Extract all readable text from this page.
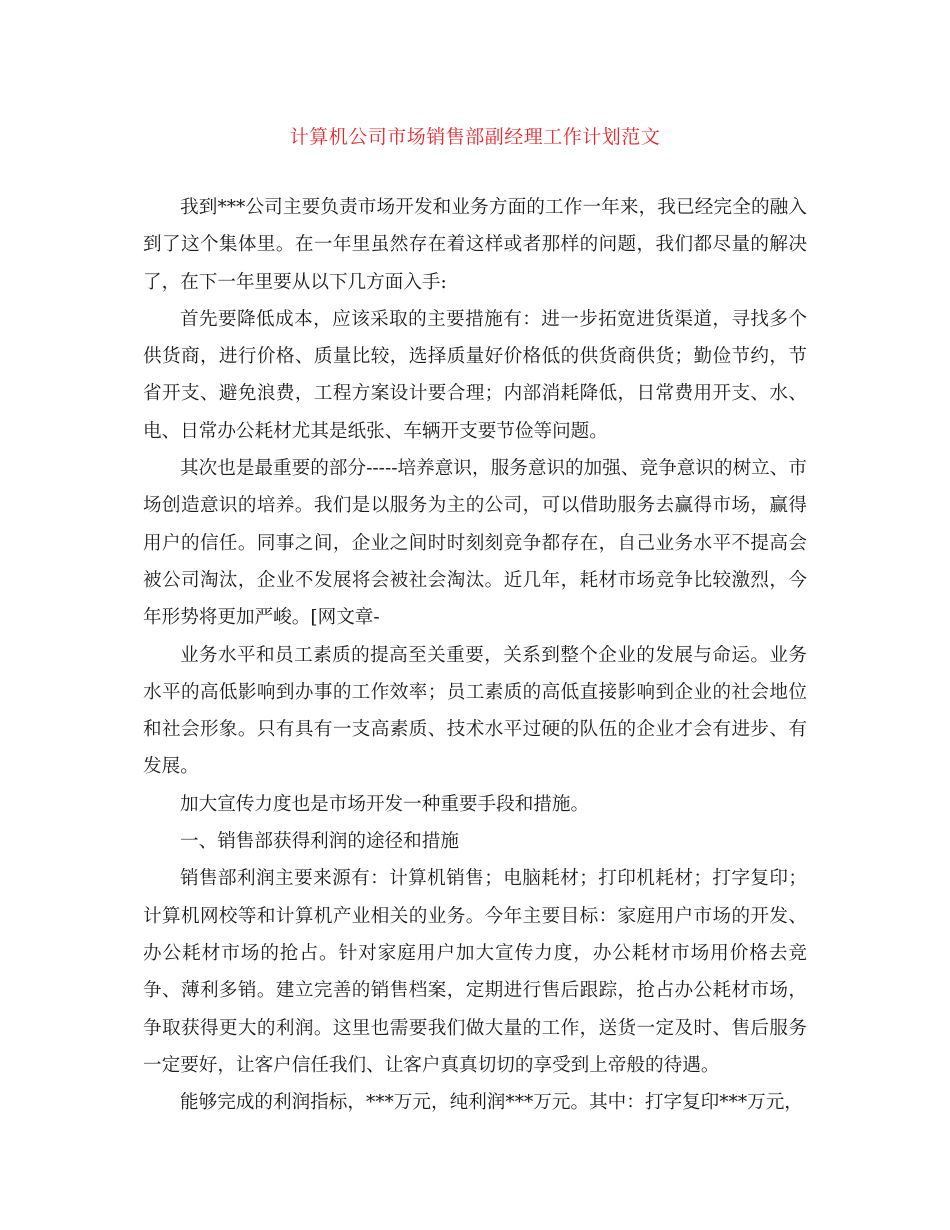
计算机公司市场销售部副经理工作计划范文

我到***公司主要负责市场开发和业务方面的工作一年来，我已经完全的融入到了这个集体里。在一年里虽然存在着这样或者那样的问题，我们都尽量的解决了，在下一年里要从以下几方面入手:

首先要降低成本，应该采取的主要措施有：进一步拓宽进货渠道，寻找多个供货商，进行价格、质量比较，选择质量好价格低的供货商供货；勤俭节约，节省开支、避免浪费，工程方案设计要合理；内部消耗降低，日常费用开支、水、电、日常办公耗材尤其是纸张、车辆开支要节俭等问题。

其次也是最重要的部分-----培养意识，服务意识的加强、竞争意识的树立、市场创造意识的培养。我们是以服务为主的公司，可以借助服务去赢得市场，赢得用户的信任。同事之间，企业之间时时刻刻竞争都存在，自己业务水平不提高会被公司淘汰，企业不发展将会被社会淘汰。近几年，耗材市场竞争比较激烈，今年形势将更加严峻。[网文章-

业务水平和员工素质的提高至关重要，关系到整个企业的发展与命运。业务水平的高低影响到办事的工作效率；员工素质的高低直接影响到企业的社会地位和社会形象。只有具有一支高素质、技术水平过硬的队伍的企业才会有进步、有发展。

加大宣传力度也是市场开发一种重要手段和措施。

一、销售部获得利润的途径和措施

销售部利润主要来源有：计算机销售；电脑耗材；打印机耗材；打字复印；计算机网校等和计算机产业相关的业务。今年主要目标：家庭用户市场的开发、办公耗材市场的抢占。针对家庭用户加大宣传力度，办公耗材市场用价格去竞争、薄利多销。建立完善的销售档案，定期进行售后跟踪，抢占办公耗材市场，争取获得更大的利润。这里也需要我们做大量的工作，送货一定及时、售后服务一定要好，让客户信任我们、让客户真真切切的享受到上帝般的待遇。

能够完成的利润指标，***万元，纯利润***万元。其中：打字复印***万元，
